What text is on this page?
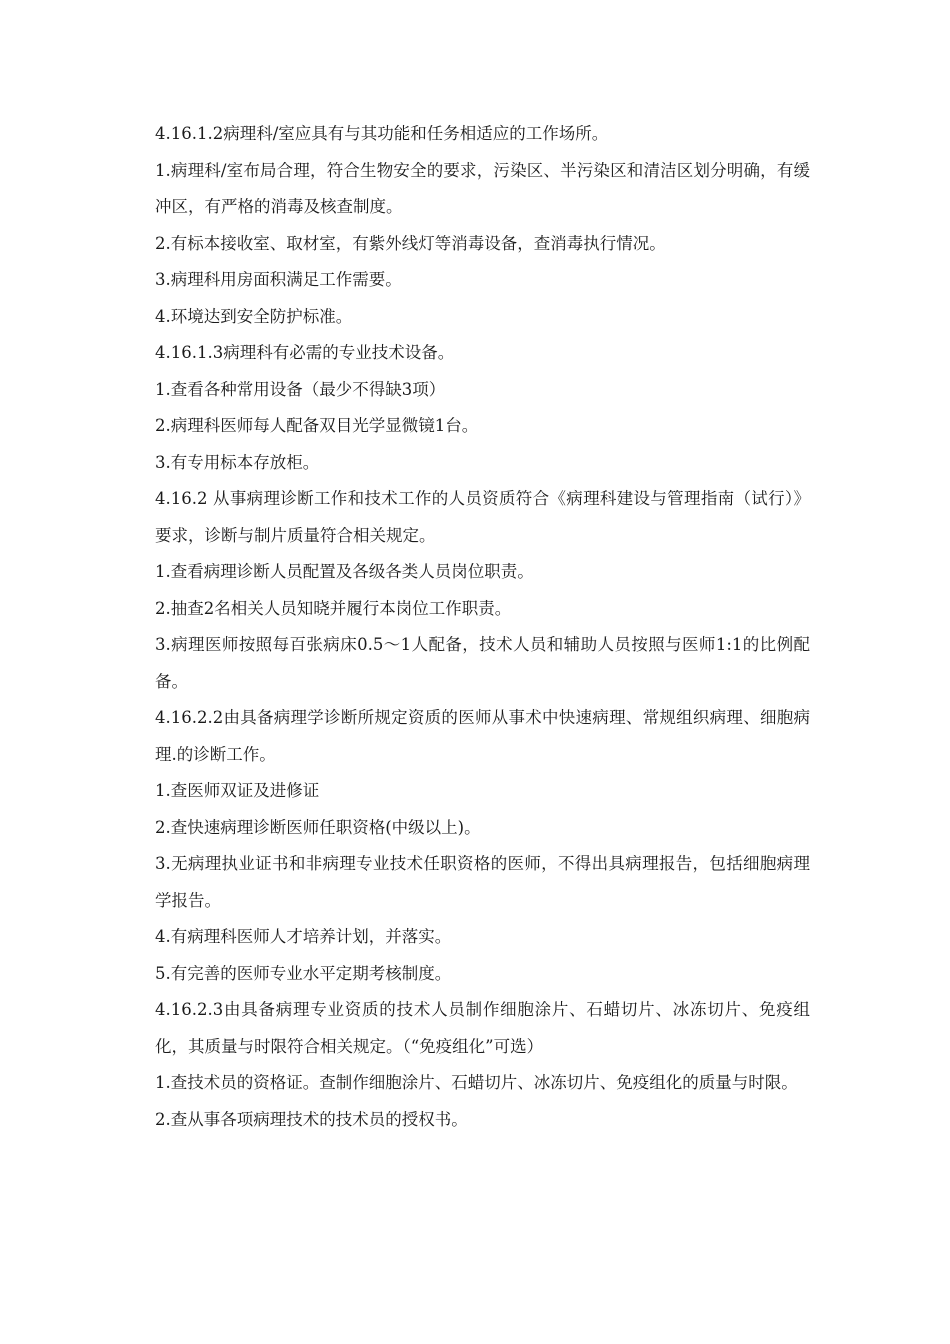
4.16.1.2病理科/室应具有与其功能和任务相适应的工作场所。

1.病理科/室布局合理，符合生物安全的要求，污染区、半污染区和清洁区划分明确，有缓冲区，有严格的消毒及核查制度。

2.有标本接收室、取材室，有紫外线灯等消毒设备，查消毒执行情况。

3.病理科用房面积满足工作需要。

4.环境达到安全防护标准。

4.16.1.3病理科有必需的专业技术设备。

1.查看各种常用设备（最少不得缺3项）

2.病理科医师每人配备双目光学显微镜1台。

3.有专用标本存放柜。

4.16.2 从事病理诊断工作和技术工作的人员资质符合《病理科建设与管理指南（试行）》要求，诊断与制片质量符合相关规定。

1.查看病理诊断人员配置及各级各类人员岗位职责。

2.抽查2名相关人员知晓并履行本岗位工作职责。

3.病理医师按照每百张病床0.5～1人配备，技术人员和辅助人员按照与医师1:1的比例配备。

4.16.2.2由具备病理学诊断所规定资质的医师从事术中快速病理、常规组织病理、细胞病理.的诊断工作。

1.查医师双证及进修证

2.查快速病理诊断医师任职资格(中级以上)。

3.无病理执业证书和非病理专业技术任职资格的医师，不得出具病理报告，包括细胞病理学报告。

4.有病理科医师人才培养计划，并落实。

5.有完善的医师专业水平定期考核制度。

4.16.2.3由具备病理专业资质的技术人员制作细胞涂片、石蜡切片、冰冻切片、免疫组化，其质量与时限符合相关规定。（“免疫组化”可选）

1.查技术员的资格证。查制作细胞涂片、石蜡切片、冰冻切片、免疫组化的质量与时限。

2.查从事各项病理技术的技术员的授权书。
